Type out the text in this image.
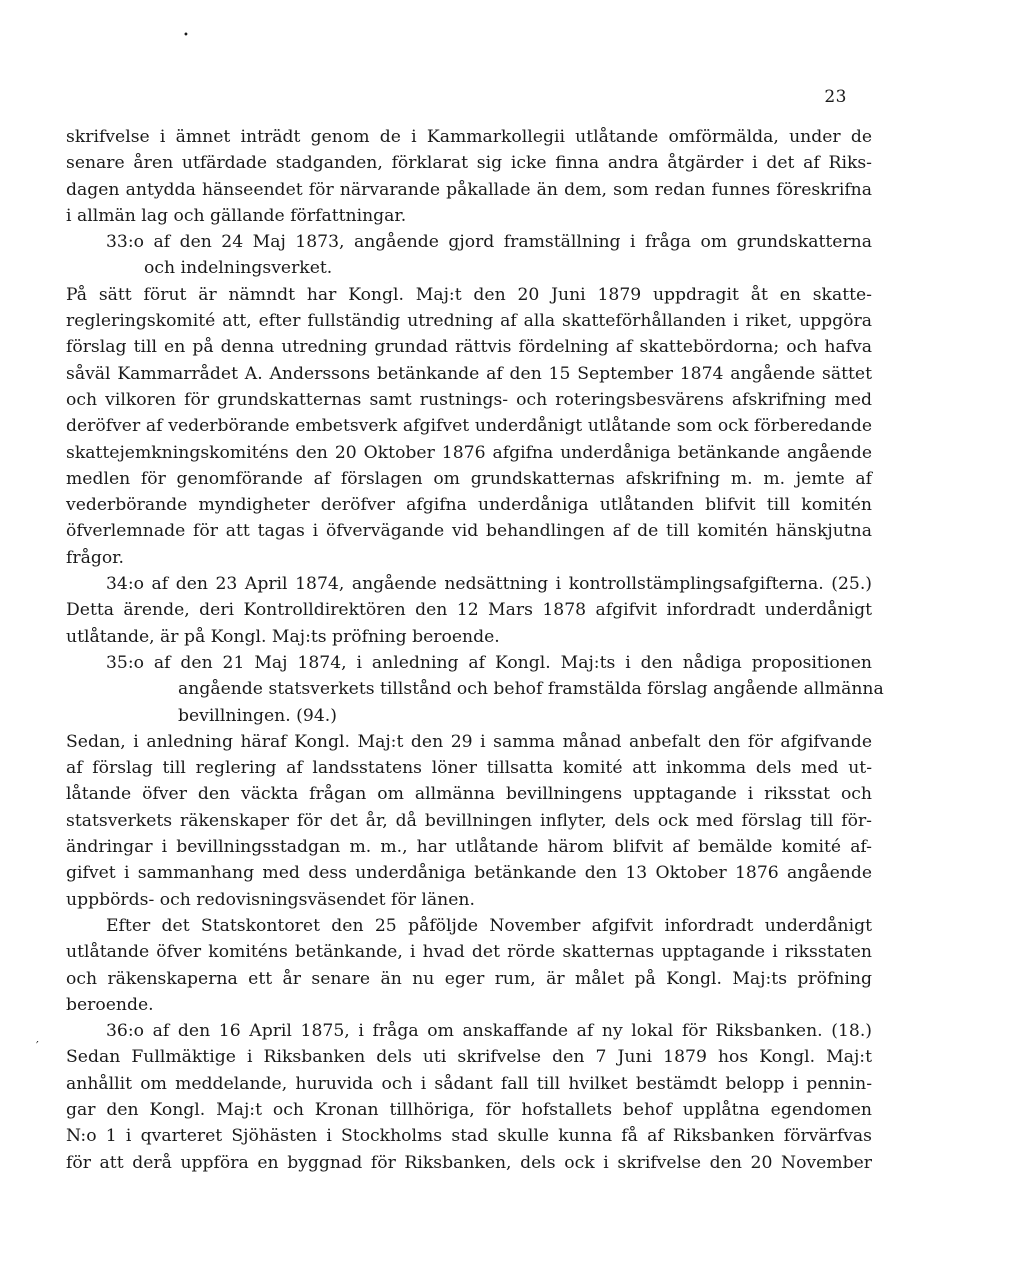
•
23
′
skrifvelse i ämnet inträdt genom de i Kammarkollegii utlåtande omförmälda, under de
senare åren utfärdade stadganden, förklarat sig icke finna andra åtgärder i det af Riks-
dagen antydda hänseendet för närvarande påkallade än dem, som redan funnes föreskrifna
i allmän lag och gällande författningar.
33:o af den 24 Maj 1873, angående gjord framställning i fråga om grundskatterna
och indelningsverket.
På sätt förut är nämndt har Kongl. Maj:t den 20 Juni 1879 uppdragit åt en skatte-
regleringskomité att, efter fullständig utredning af alla skatteförhållanden i riket, uppgöra
förslag till en på denna utredning grundad rättvis fördelning af skattebördorna; och hafva
såväl Kammarrådet A. Anderssons betänkande af den 15 September 1874 angående sättet
och vilkoren för grundskatternas samt rustnings- och roteringsbesvärens afskrifning med
deröfver af vederbörande embetsverk afgifvet underdånigt utlåtande som ock förberedande
skattejemkningskomiténs den 20 Oktober 1876 afgifna underdåniga betänkande angående
medlen för genomförande af förslagen om grundskatternas afskrifning m. m. jemte af
vederbörande myndigheter deröfver afgifna underdåniga utlåtanden blifvit till komitén
öfverlemnade för att tagas i öfvervägande vid behandlingen af de till komitén hänskjutna
frågor.
34:o af den 23 April 1874, angående nedsättning i kontrollstämplingsafgifterna. (25.)
Detta ärende, deri Kontrolldirektören den 12 Mars 1878 afgifvit infordradt underdånigt
utlåtande, är på Kongl. Maj:ts pröfning beroende.
35:o af den 21 Maj 1874, i anledning af Kongl. Maj:ts i den nådiga propositionen
angående statsverkets tillstånd och behof framstälda förslag angående allmänna
bevillningen. (94.)
Sedan, i anledning häraf Kongl. Maj:t den 29 i samma månad anbefalt den för afgifvande
af förslag till reglering af landsstatens löner tillsatta komité att inkomma dels med ut-
låtande öfver den väckta frågan om allmänna bevillningens upptagande i riksstat och
statsverkets räkenskaper för det år, då bevillningen inflyter, dels ock med förslag till för-
ändringar i bevillningsstadgan m. m., har utlåtande härom blifvit af bemälde komité af-
gifvet i sammanhang med dess underdåniga betänkande den 13 Oktober 1876 angående
uppbörds- och redovisningsväsendet för länen.
Efter det Statskontoret den 25 påföljde November afgifvit infordradt underdånigt
utlåtande öfver komiténs betänkande, i hvad det rörde skatternas upptagande i riksstaten
och räkenskaperna ett år senare än nu eger rum, är målet på Kongl. Maj:ts pröfning
beroende.
36:o af den 16 April 1875, i fråga om anskaffande af ny lokal för Riksbanken. (18.)
Sedan Fullmäktige i Riksbanken dels uti skrifvelse den 7 Juni 1879 hos Kongl. Maj:t
anhållit om meddelande, huruvida och i sådant fall till hvilket bestämdt belopp i pennin-
gar den Kongl. Maj:t och Kronan tillhöriga, för hofstallets behof upplåtna egendomen
N:o 1 i qvarteret Sjöhästen i Stockholms stad skulle kunna få af Riksbanken förvärfvas
för att derå uppföra en byggnad för Riksbanken, dels ock i skrifvelse den 20 November
